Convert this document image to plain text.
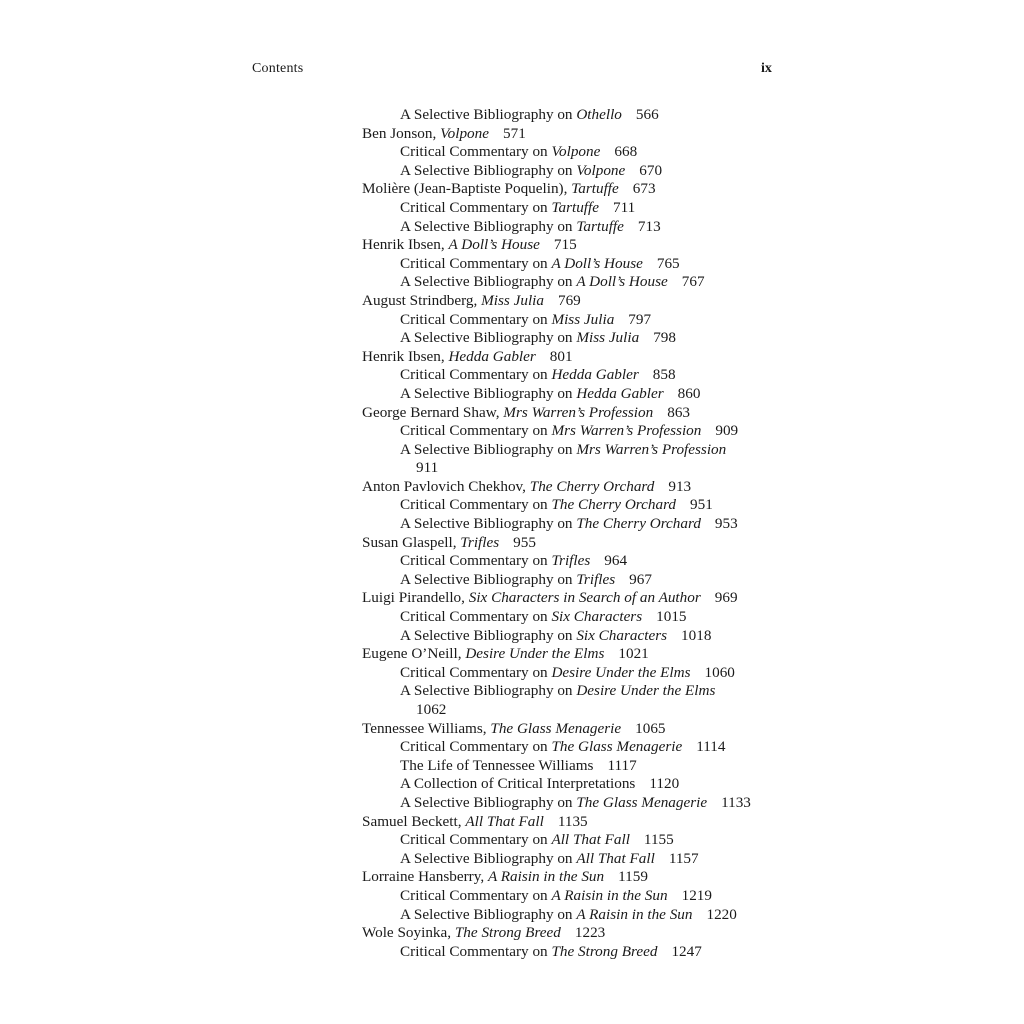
Contents	ix
A Selective Bibliography on Othello 566
Ben Jonson, Volpone 571
Critical Commentary on Volpone 668
A Selective Bibliography on Volpone 670
Molière (Jean-Baptiste Poquelin), Tartuffe 673
Critical Commentary on Tartuffe 711
A Selective Bibliography on Tartuffe 713
Henrik Ibsen, A Doll’s House 715
Critical Commentary on A Doll’s House 765
A Selective Bibliography on A Doll’s House 767
August Strindberg, Miss Julia 769
Critical Commentary on Miss Julia 797
A Selective Bibliography on Miss Julia 798
Henrik Ibsen, Hedda Gabler 801
Critical Commentary on Hedda Gabler 858
A Selective Bibliography on Hedda Gabler 860
George Bernard Shaw, Mrs Warren’s Profession 863
Critical Commentary on Mrs Warren’s Profession 909
A Selective Bibliography on Mrs Warren’s Profession
911
Anton Pavlovich Chekhov, The Cherry Orchard 913
Critical Commentary on The Cherry Orchard 951
A Selective Bibliography on The Cherry Orchard 953
Susan Glaspell, Trifles 955
Critical Commentary on Trifles 964
A Selective Bibliography on Trifles 967
Luigi Pirandello, Six Characters in Search of an Author 969
Critical Commentary on Six Characters 1015
A Selective Bibliography on Six Characters 1018
Eugene O’Neill, Desire Under the Elms 1021
Critical Commentary on Desire Under the Elms 1060
A Selective Bibliography on Desire Under the Elms
1062
Tennessee Williams, The Glass Menagerie 1065
Critical Commentary on The Glass Menagerie 1114
The Life of Tennessee Williams 1117
A Collection of Critical Interpretations 1120
A Selective Bibliography on The Glass Menagerie 1133
Samuel Beckett, All That Fall 1135
Critical Commentary on All That Fall 1155
A Selective Bibliography on All That Fall 1157
Lorraine Hansberry, A Raisin in the Sun 1159
Critical Commentary on A Raisin in the Sun 1219
A Selective Bibliography on A Raisin in the Sun 1220
Wole Soyinka, The Strong Breed 1223
Critical Commentary on The Strong Breed 1247
